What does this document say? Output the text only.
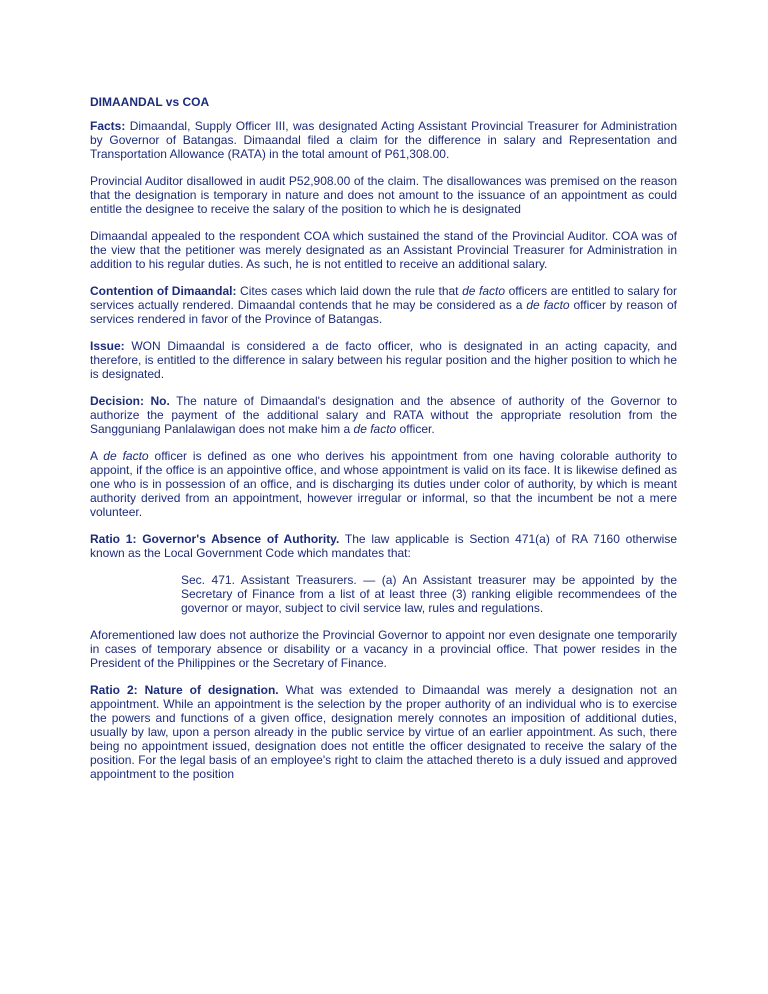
DIMAANDAL vs COA

Facts: Dimaandal, Supply Officer III, was designated Acting Assistant Provincial Treasurer for Administration by Governor of Batangas. Dimaandal filed a claim for the difference in salary and Representation and Transportation Allowance (RATA) in the total amount of P61,308.00.

Provincial Auditor disallowed in audit P52,908.00 of the claim. The disallowances was premised on the reason that the designation is temporary in nature and does not amount to the issuance of an appointment as could entitle the designee to receive the salary of the position to which he is designated

Dimaandal appealed to the respondent COA which sustained the stand of the Provincial Auditor. COA was of the view that the petitioner was merely designated as an Assistant Provincial Treasurer for Administration in addition to his regular duties. As such, he is not entitled to receive an additional salary.

Contention of Dimaandal: Cites cases which laid down the rule that de facto officers are entitled to salary for services actually rendered. Dimaandal contends that he may be considered as a de facto officer by reason of services rendered in favor of the Province of Batangas.

Issue: WON Dimaandal is considered a de facto officer, who is designated in an acting capacity, and therefore, is entitled to the difference in salary between his regular position and the higher position to which he is designated.

Decision: No. The nature of Dimaandal's designation and the absence of authority of the Governor to authorize the payment of the additional salary and RATA without the appropriate resolution from the Sangguniang Panlalawigan does not make him a de facto officer.

A de facto officer is defined as one who derives his appointment from one having colorable authority to appoint, if the office is an appointive office, and whose appointment is valid on its face. It is likewise defined as one who is in possession of an office, and is discharging its duties under color of authority, by which is meant authority derived from an appointment, however irregular or informal, so that the incumbent be not a mere volunteer.

Ratio 1: Governor's Absence of Authority. The law applicable is Section 471(a) of RA 7160 otherwise known as the Local Government Code which mandates that:

Sec. 471. Assistant Treasurers. — (a) An Assistant treasurer may be appointed by the Secretary of Finance from a list of at least three (3) ranking eligible recommendees of the governor or mayor, subject to civil service law, rules and regulations.

Aforementioned law does not authorize the Provincial Governor to appoint nor even designate one temporarily in cases of temporary absence or disability or a vacancy in a provincial office. That power resides in the President of the Philippines or the Secretary of Finance.

Ratio 2: Nature of designation. What was extended to Dimaandal was merely a designation not an appointment. While an appointment is the selection by the proper authority of an individual who is to exercise the powers and functions of a given office, designation merely connotes an imposition of additional duties, usually by law, upon a person already in the public service by virtue of an earlier appointment. As such, there being no appointment issued, designation does not entitle the officer designated to receive the salary of the position. For the legal basis of an employee's right to claim the attached thereto is a duly issued and approved appointment to the position
